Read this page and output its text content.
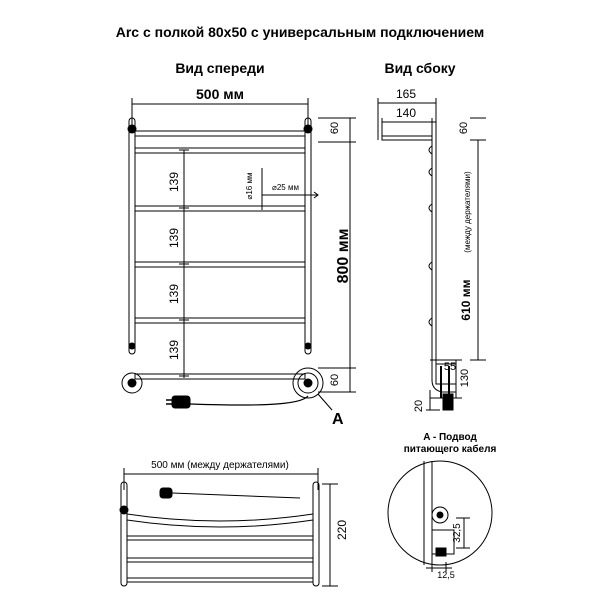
Arc с полкой 80x50 с универсальным подключением
Вид спереди	Вид сбоку
500 мм
500 мм (между держателями)
A - Подвод
питающего кабеля
60
60
800 мм
139
139
139
139
⌀16 мм ⌀25 мм
A
165
140
60
610 мм
(между держателями)
55
130
20
220	32,5
12,5
